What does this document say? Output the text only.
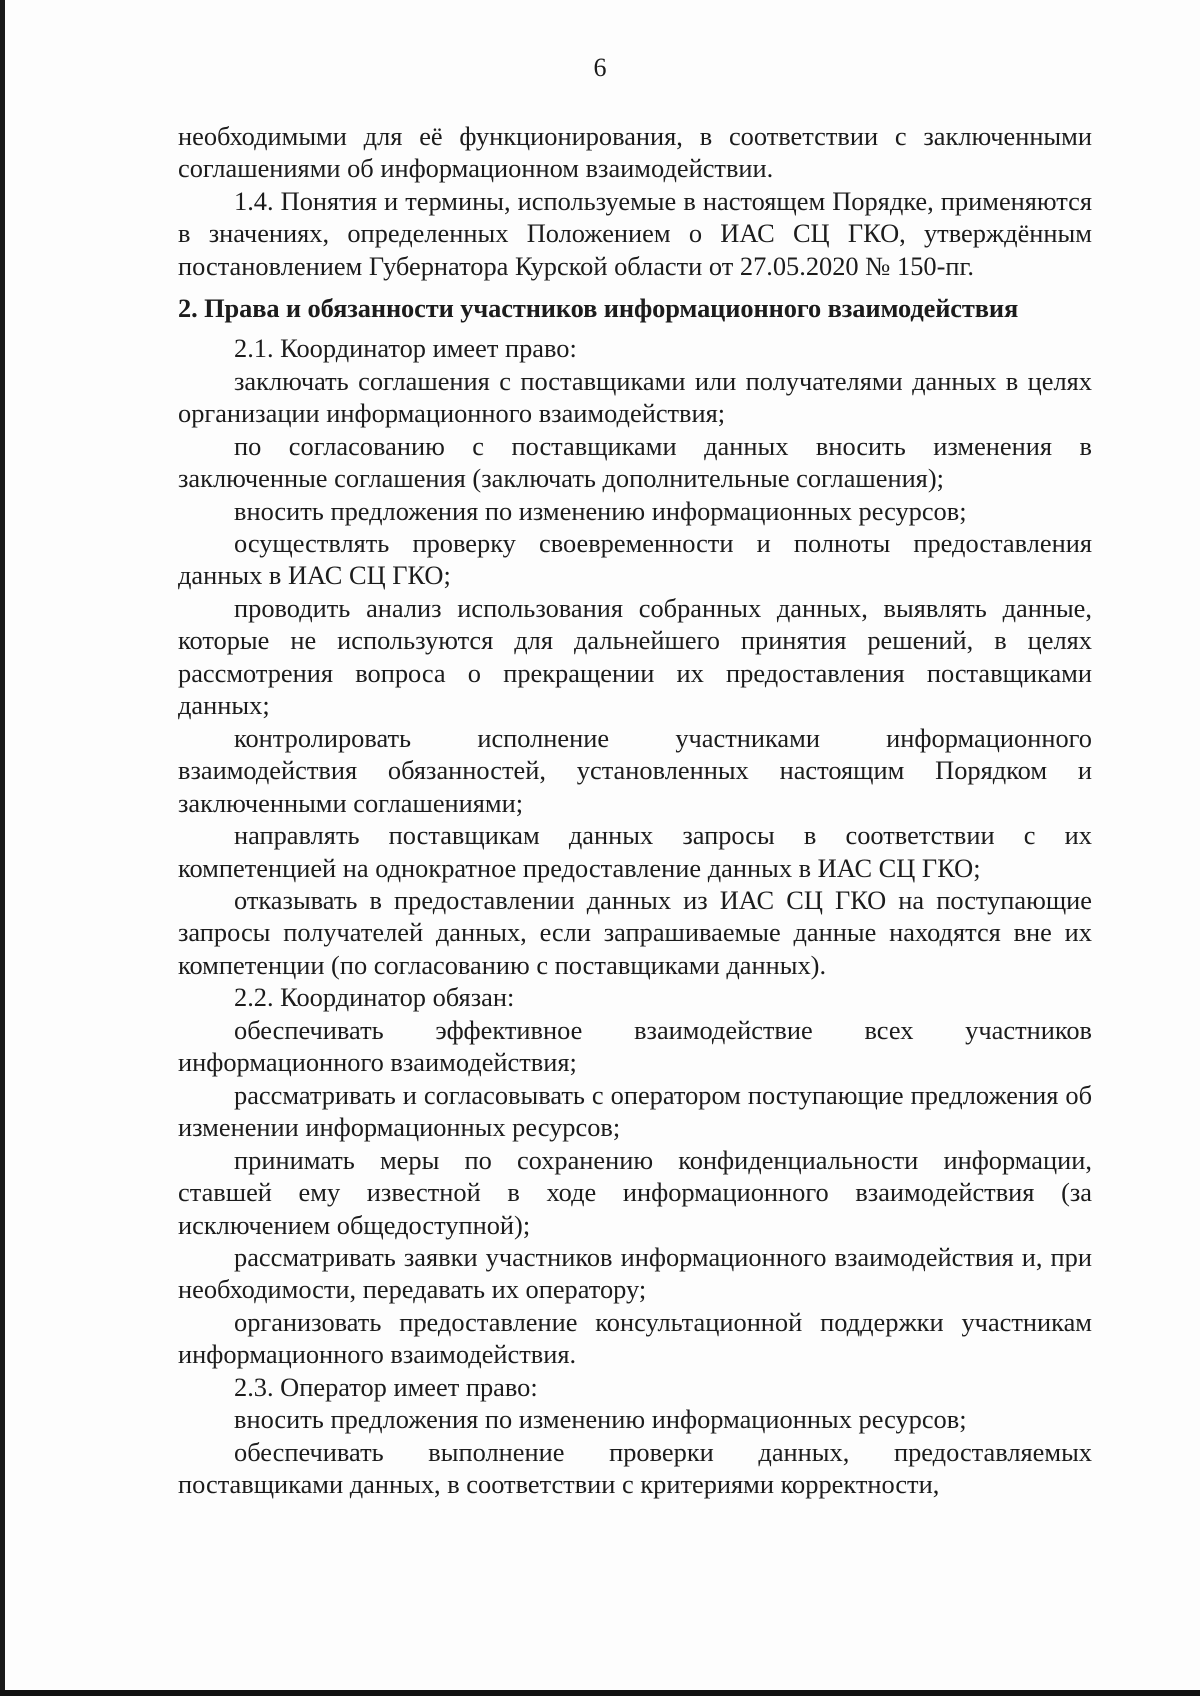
6

необходимыми для её функционирования, в соответствии с заключенными соглашениями об информационном взаимодействии.

1.4. Понятия и термины, используемые в настоящем Порядке, применяются в значениях, определенных Положением о ИАС СЦ ГКО, утверждённым постановлением Губернатора Курской области от 27.05.2020 № 150-пг.

2. Права и обязанности участников информационного взаимодействия

2.1. Координатор имеет право:

заключать соглашения с поставщиками или получателями данных в целях организации информационного взаимодействия;

по согласованию с поставщиками данных вносить изменения в заключенные соглашения (заключать дополнительные соглашения);

вносить предложения по изменению информационных ресурсов;

осуществлять проверку своевременности и полноты предоставления данных в ИАС СЦ ГКО;

проводить анализ использования собранных данных, выявлять данные, которые не используются для дальнейшего принятия решений, в целях рассмотрения вопроса о прекращении их предоставления поставщиками данных;

контролировать исполнение участниками информационного взаимодействия обязанностей, установленных настоящим Порядком и заключенными соглашениями;

направлять поставщикам данных запросы в соответствии с их компетенцией на однократное предоставление данных в ИАС СЦ ГКО;

отказывать в предоставлении данных из ИАС СЦ ГКО на поступающие запросы получателей данных, если запрашиваемые данные находятся вне их компетенции (по согласованию с поставщиками данных).

2.2. Координатор обязан:

обеспечивать эффективное взаимодействие всех участников информационного взаимодействия;

рассматривать и согласовывать с оператором поступающие предложения об изменении информационных ресурсов;

принимать меры по сохранению конфиденциальности информации, ставшей ему известной в ходе информационного взаимодействия (за исключением общедоступной);

рассматривать заявки участников информационного взаимодействия и, при необходимости, передавать их оператору;

организовать предоставление консультационной поддержки участникам информационного взаимодействия.

2.3. Оператор имеет право:

вносить предложения по изменению информационных ресурсов;

обеспечивать выполнение проверки данных, предоставляемых поставщиками данных, в соответствии с критериями корректности,
